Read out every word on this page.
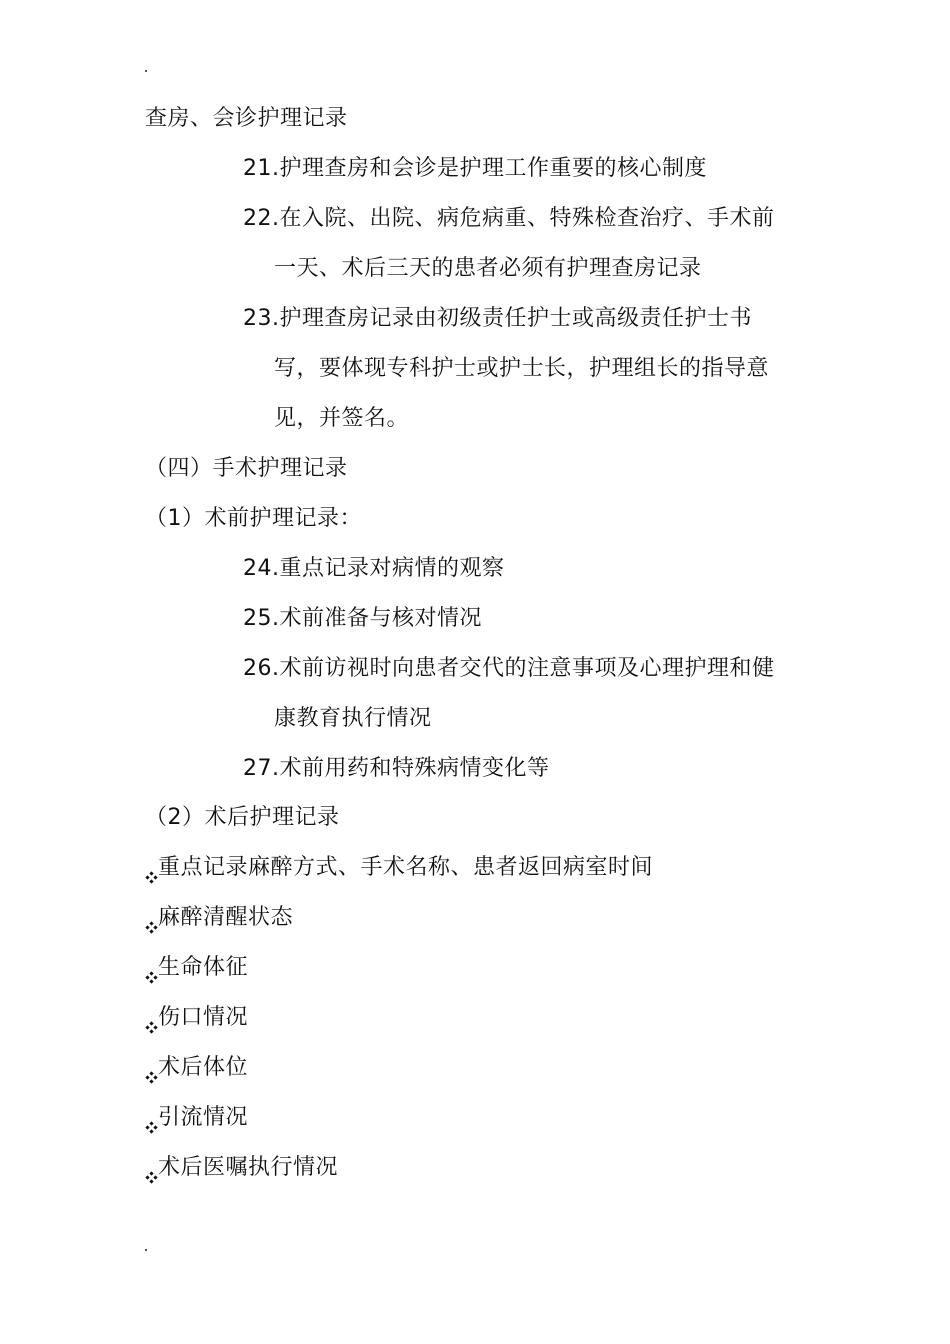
查房、会诊护理记录
21.护理查房和会诊是护理工作重要的核心制度
22.在入院、出院、病危病重、特殊检查治疗、手术前
一天、术后三天的患者必须有护理查房记录
23.护理查房记录由初级责任护士或高级责任护士书
写，要体现专科护士或护士长，护理组长的指导意
见，并签名。
（四）手术护理记录
（1）术前护理记录：
24.重点记录对病情的观察
25.术前准备与核对情况
26.术前访视时向患者交代的注意事项及心理护理和健
康教育执行情况
27.术前用药和特殊病情变化等
（2）术后护理记录
重点记录麻醉方式、手术名称、患者返回病室时间
麻醉清醒状态
生命体征
伤口情况
术后体位
引流情况
术后医嘱执行情况
